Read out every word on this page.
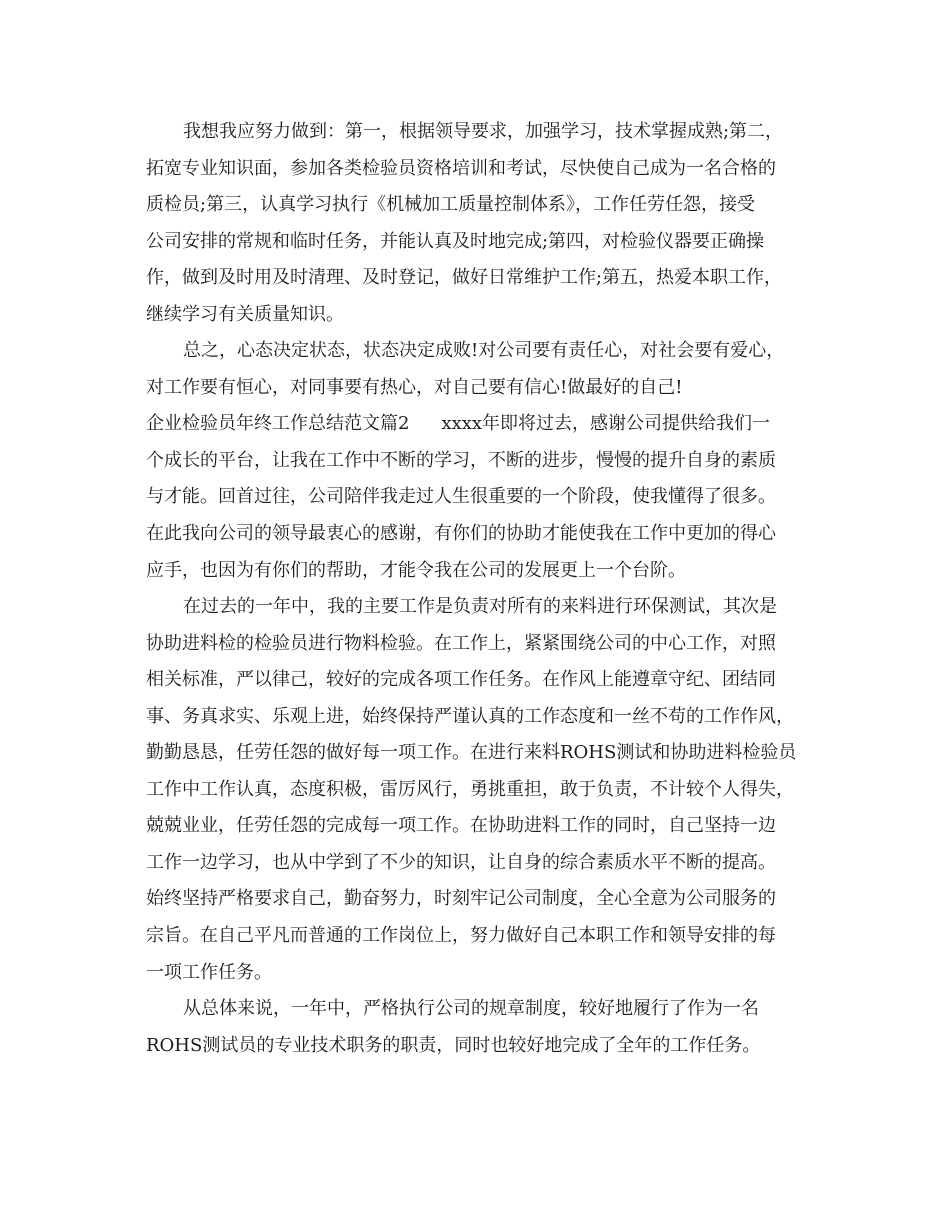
我想我应努力做到：第一，根据领导要求，加强学习，技术掌握成熟;第二，
拓宽专业知识面，参加各类检验员资格培训和考试，尽快使自己成为一名合格的
质检员;第三，认真学习执行《机械加工质量控制体系》，工作任劳任怨，接受
公司安排的常规和临时任务，并能认真及时地完成;第四，对检验仪器要正确操
作，做到及时用及时清理、及时登记，做好日常维护工作;第五，热爱本职工作，
继续学习有关质量知识。
总之，心态决定状态，状态决定成败!对公司要有责任心，对社会要有爱心，
对工作要有恒心，对同事要有热心，对自己要有信心!做最好的自己!
企业检验员年终工作总结范文篇2 xxxx年即将过去，感谢公司提供给我们一
个成长的平台，让我在工作中不断的学习，不断的进步，慢慢的提升自身的素质
与才能。回首过往，公司陪伴我走过人生很重要的一个阶段，使我懂得了很多。
在此我向公司的领导最衷心的感谢，有你们的协助才能使我在工作中更加的得心
应手，也因为有你们的帮助，才能令我在公司的发展更上一个台阶。
在过去的一年中，我的主要工作是负责对所有的来料进行环保测试，其次是
协助进料检的检验员进行物料检验。在工作上，紧紧围绕公司的中心工作，对照
相关标准，严以律己，较好的完成各项工作任务。在作风上能遵章守纪、团结同
事、务真求实、乐观上进，始终保持严谨认真的工作态度和一丝不苟的工作作风，
勤勤恳恳，任劳任怨的做好每一项工作。在进行来料ROHS测试和协助进料检验员
工作中工作认真，态度积极，雷厉风行，勇挑重担，敢于负责，不计较个人得失，
兢兢业业，任劳任怨的完成每一项工作。在协助进料工作的同时，自己坚持一边
工作一边学习，也从中学到了不少的知识，让自身的综合素质水平不断的提高。
始终坚持严格要求自己，勤奋努力，时刻牢记公司制度，全心全意为公司服务的
宗旨。在自己平凡而普通的工作岗位上，努力做好自己本职工作和领导安排的每
一项工作任务。
从总体来说，一年中，严格执行公司的规章制度，较好地履行了作为一名
ROHS测试员的专业技术职务的职责，同时也较好地完成了全年的工作任务。
